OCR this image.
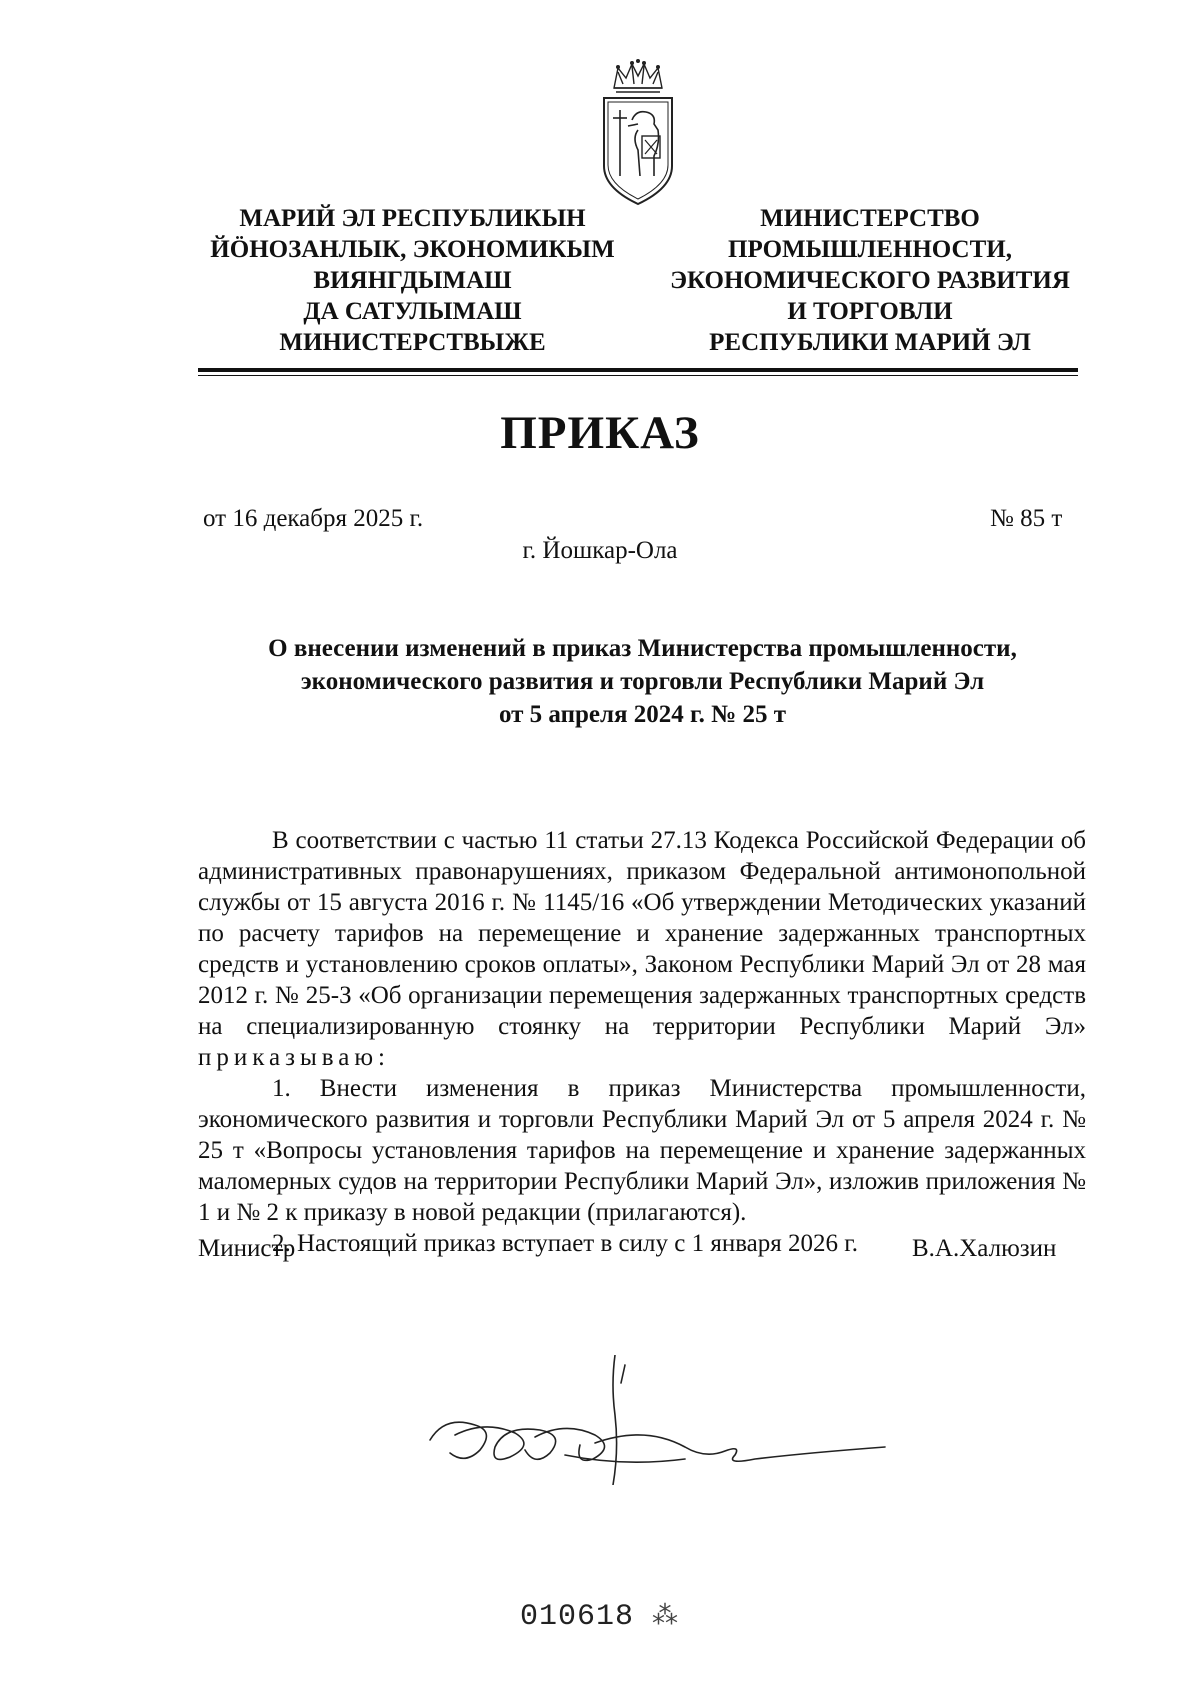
МАРИЙ ЭЛ РЕСПУБЛИКЫН
ЙÖНОЗАНЛЫК, ЭКОНОМИКЫМ
ВИЯНГДЫМАШ
ДА САТУЛЫМАШ
МИНИСТЕРСТВЫЖЕ
МИНИСТЕРСТВО
ПРОМЫШЛЕННОСТИ,
ЭКОНОМИЧЕСКОГО РАЗВИТИЯ
И ТОРГОВЛИ
РЕСПУБЛИКИ МАРИЙ ЭЛ
ПРИКАЗ
от 16 декабря 2025 г.	№ 85 т
г. Йошкар-Ола
О внесении изменений в приказ Министерства промышленности,
экономического развития и торговли Республики Марий Эл
от 5 апреля 2024 г. № 25 т

В соответствии с частью 11 статьи 27.13 Кодекса Российской Федерации об административных правонарушениях, приказом Федеральной антимонопольной службы от 15 августа 2016 г. № 1145/16 «Об утверждении Методических указаний по расчету тарифов на перемещение и хранение задержанных транспортных средств и установлению сроков оплаты», Законом Республики Марий Эл от 28 мая 2012 г. № 25-З «Об организации перемещения задержанных транспортных средств на специализированную стоянку на территории Республики Марий Эл» приказываю:

1. Внести изменения в приказ Министерства промышленности, экономического развития и торговли Республики Марий Эл от 5 апреля 2024 г. № 25 т «Вопросы установления тарифов на перемещение и хранение задержанных маломерных судов на территории Республики Марий Эл», изложив приложения № 1 и № 2 к приказу в новой редакции (прилагаются).

2. Настоящий приказ вступает в силу с 1 января 2026 г.

Министр	В.А.Халюзин
010618 ⁂
